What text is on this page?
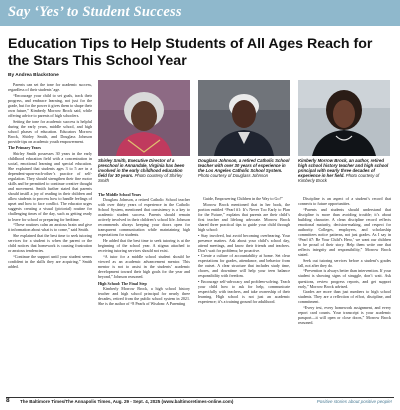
Say ‘Yes’ to Student Success
Education Tips to Help Students of All Ages Reach for the Stars This School Year
By Andrea Blackstone

Parents can set the tone for academic success, regardless of their students’ age.

“Encourage your child to set goals, track their progress, and embrace learning, not just for the grade, but for the power it gives them to shape their own future,” Kimberly Morrow Brock said, while offering advice to parents of high schoolers.

Setting the tone for academic success is helpful during the early years, middle school, and high school phases of education. Educators Morrow Brock, Shirley Smith, and Douglass Johnson provide tips on academic youth empowerment.

The Primary Years

Shirley Smith possesses 30 years in the early childhood education field with a concentration in social, emotional learning and special education. She explained that students ages 3 to 5 are in a dependent-upon-each-other’s practice of self-regulation. They should strengthen their fine motor skills and be permitted to continue creative thought and movement. Smith further stated that parents should instill a joy of reading in their children and allow students to process how to handle feelings of upset and how to face conflict. The educator urges suggests creating a visual (pictorial) routine for challenging times of the day, such as getting ready to leave for school or preparing for bedtime.

“These routines calm an anxious brain and give it information about what is to come,” said Smith.

She explained that the best time to seek tutoring services for a student is when the parent or the child notices that homework is causing frustration or anxious tendencies.

“Continue the support until your student seems confident in the skills they are acquiring,” Smith added.

Shirley Smith, Executive Director of a preschool in Annandale, Virginia has been involved in the early childhood education field for 30 years. Photo courtesy of Shirley Smith
Douglass Johnson, a retired Catholic School teacher with over 30 years of experience in the Los Angeles Catholic School System. Photo courtesy of Douglass Johnson
Kimberly Morrow Brock, an author, retired high school history teacher and high school principal with nearly three decades of experience in her field. Photo courtesy of Kimberly Brock

The Middle School Years

Douglass Johnson, a retired Catholic School teacher with over thirty years of experience in the Catholic School System, mentioned that consistency is a key to academic student success. Parents should remain actively involved in their children’s school life. Johnson recommends always keeping your doors open for transparent communication while maintaining high expectations for students.

He added that the best time to seek tutoring is at the beginning of the school year. A stigma attached to receiving tutoring services should not exist.

“A tutor for a middle school student should be viewed as an academic advancement mentor. This mentor is not to assist in the students’ academic development toward their high goals for the year and beyond,” Johnson reasoned.

High School: The Final Step

Kimberly Morrow Brock, a high school history teacher and high school principal for nearly three decades, retired from the public school system in 2021. She is the author of “8 Pearls of Wisdom: A Parenting

Guide, Empowering Children in the Way to Go!”

Morrow Brock mentioned that in her book, the portion entitled “Pearl #1: It’s Never Too Early to Plan for the Future,” explains that parents are their child’s first teacher and lifelong advocate. Morrow Brock shared three practical tips to guide your child through high school:

• Stay involved, but avoid becoming overbearing. Your presence matters. Ask about your child’s school day, attend meetings, and know their friends and teachers. Don’t wait for problems; be proactive.

• Create a culture of accountability at home. Set clear expectations for grades, attendance, and behavior from the outset. A clear structure that includes study time, chores, and downtime will help your teen balance responsibility with freedom.

• Encourage self-advocacy and problem-solving. Teach your child how to ask for help, communicate respectfully with teachers, and take ownership of their learning. High school is not just an academic experience; it’s a training ground for adulthood.

Discipline is an aspect of a student’s record that connects to future opportunities.

“Parents and students should understand that discipline is more than avoiding trouble; it’s about building character. A clean discipline record reflects emotional maturity, decision-making, and respect for authority. Colleges, employers, and scholarship committees notice patterns, not just grades. As I say in ‘Pearl #7: Be Your Child’s Hero,’ we want our children to be proud of their story. Help them write one that reflects integrity and responsibility,” Morrow Brock stated.

Seek out tutoring services before a student’s grades fall, not after they do.

“Prevention is always better than intervention. If your student is showing signs of struggle, don’t wait. Ask questions, review progress reports, and get support early,” Morrow Brock advised.

Grades are more than just numbers to high school students. They are a reflection of effort, discipline, and commitment.

“Every test, every homework assignment, and every report card counts. Your transcript is your academic passport—it will open or close doors,” Morrow Brock reasoned.

8 The Baltimore Times/The Annapolis Times, Aug. 29 - Sept. 4, 2025 (www.baltimoretimes-online.com)	Positive stories about positive people!
